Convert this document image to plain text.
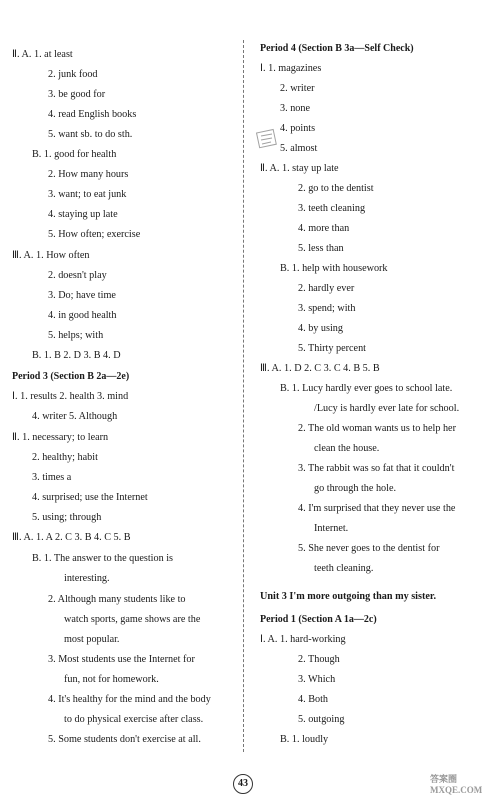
Ⅱ. A. 1. at least
2. junk food
3. be good for
4. read English books
5. want sb. to do sth.
B. 1. good for health
2. How many hours
3. want; to eat junk
4. staying up late
5. How often; exercise
Ⅲ. A. 1. How often
2. doesn't play
3. Do; have time
4. in good health
5. helps; with
B. 1. B 2. D 3. B 4. D
Period 3 (Section B 2a—2e)
Ⅰ. 1. results 2. health 3. mind
4. writer 5. Although
Ⅱ. 1. necessary; to learn
2. healthy; habit
3. times a
4. surprised; use the Internet
5. using; through
Ⅲ. A. 1. A 2. C 3. B 4. C 5. B
B. 1. The answer to the question is
interesting.
2. Although many students like to
watch sports, game shows are the
most popular.
3. Most students use the Internet for
fun, not for homework.
4. It's healthy for the mind and the body
to do physical exercise after class.
5. Some students don't exercise at all.
Period 4 (Section B 3a—Self Check)
Ⅰ. 1. magazines
2. writer
3. none
4. points
5. almost
Ⅱ. A. 1. stay up late
2. go to the dentist
3. teeth cleaning
4. more than
5. less than
B. 1. help with housework
2. hardly ever
3. spend; with
4. by using
5. Thirty percent
Ⅲ. A. 1. D 2. C 3. C 4. B 5. B
B. 1. Lucy hardly ever goes to school late.
/Lucy is hardly ever late for school.
2. The old woman wants us to help her
clean the house.
3. The rabbit was so fat that it couldn't
go through the hole.
4. I'm surprised that they never use the
Internet.
5. She never goes to the dentist for
teeth cleaning.
Unit 3 I'm more outgoing than my sister.
Period 1 (Section A 1a—2c)
Ⅰ. A. 1. hard-working
2. Though
3. Which
4. Both
5. outgoing
B. 1. loudly
43	答案圈
MXQE.COM
